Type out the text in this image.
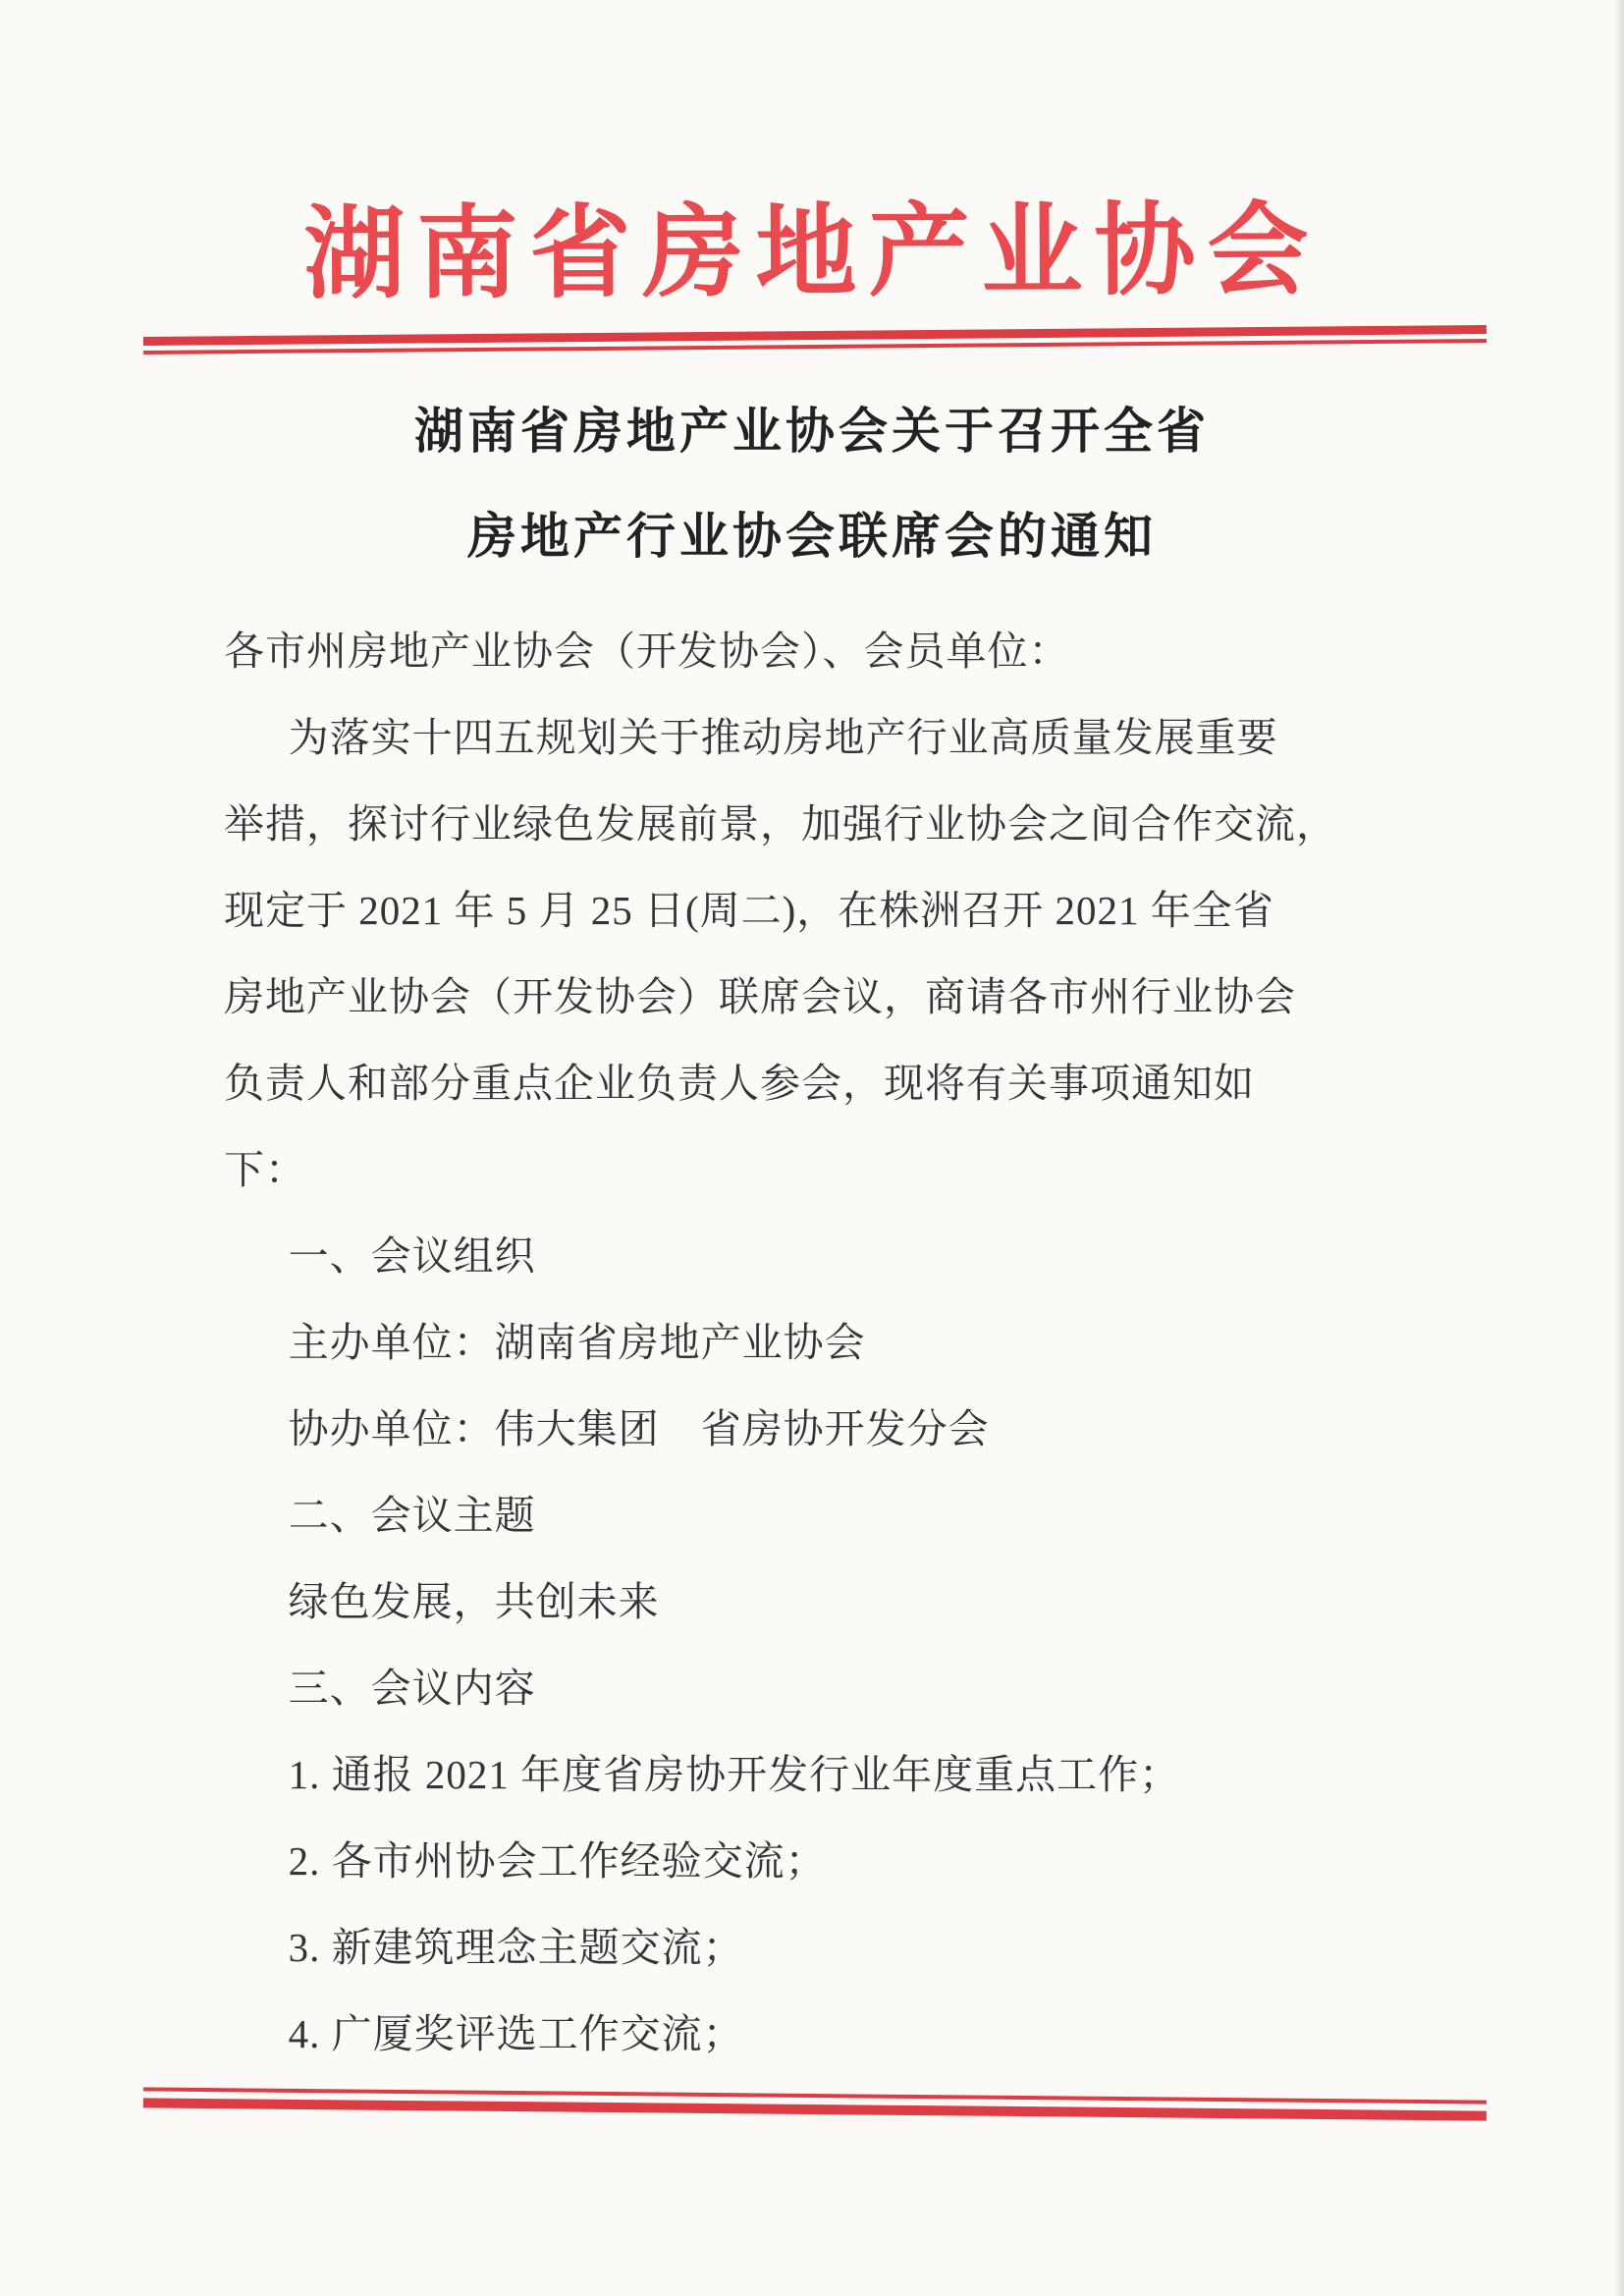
湖南省房地产业协会
湖南省房地产业协会关于召开全省
房地产行业协会联席会的通知
各市州房地产业协会（开发协会）、会员单位：
为落实十四五规划关于推动房地产行业高质量发展重要
举措，探讨行业绿色发展前景，加强行业协会之间合作交流，
现定于 2021 年 5 月 25 日(周二)，在株洲召开 2021 年全省
房地产业协会（开发协会）联席会议，商请各市州行业协会
负责人和部分重点企业负责人参会，现将有关事项通知如
下：
一、会议组织
主办单位：湖南省房地产业协会
协办单位：伟大集团　省房协开发分会
二、会议主题
绿色发展，共创未来
三、会议内容
1. 通报 2021 年度省房协开发行业年度重点工作；
2. 各市州协会工作经验交流；
3. 新建筑理念主题交流；
4. 广厦奖评选工作交流；
